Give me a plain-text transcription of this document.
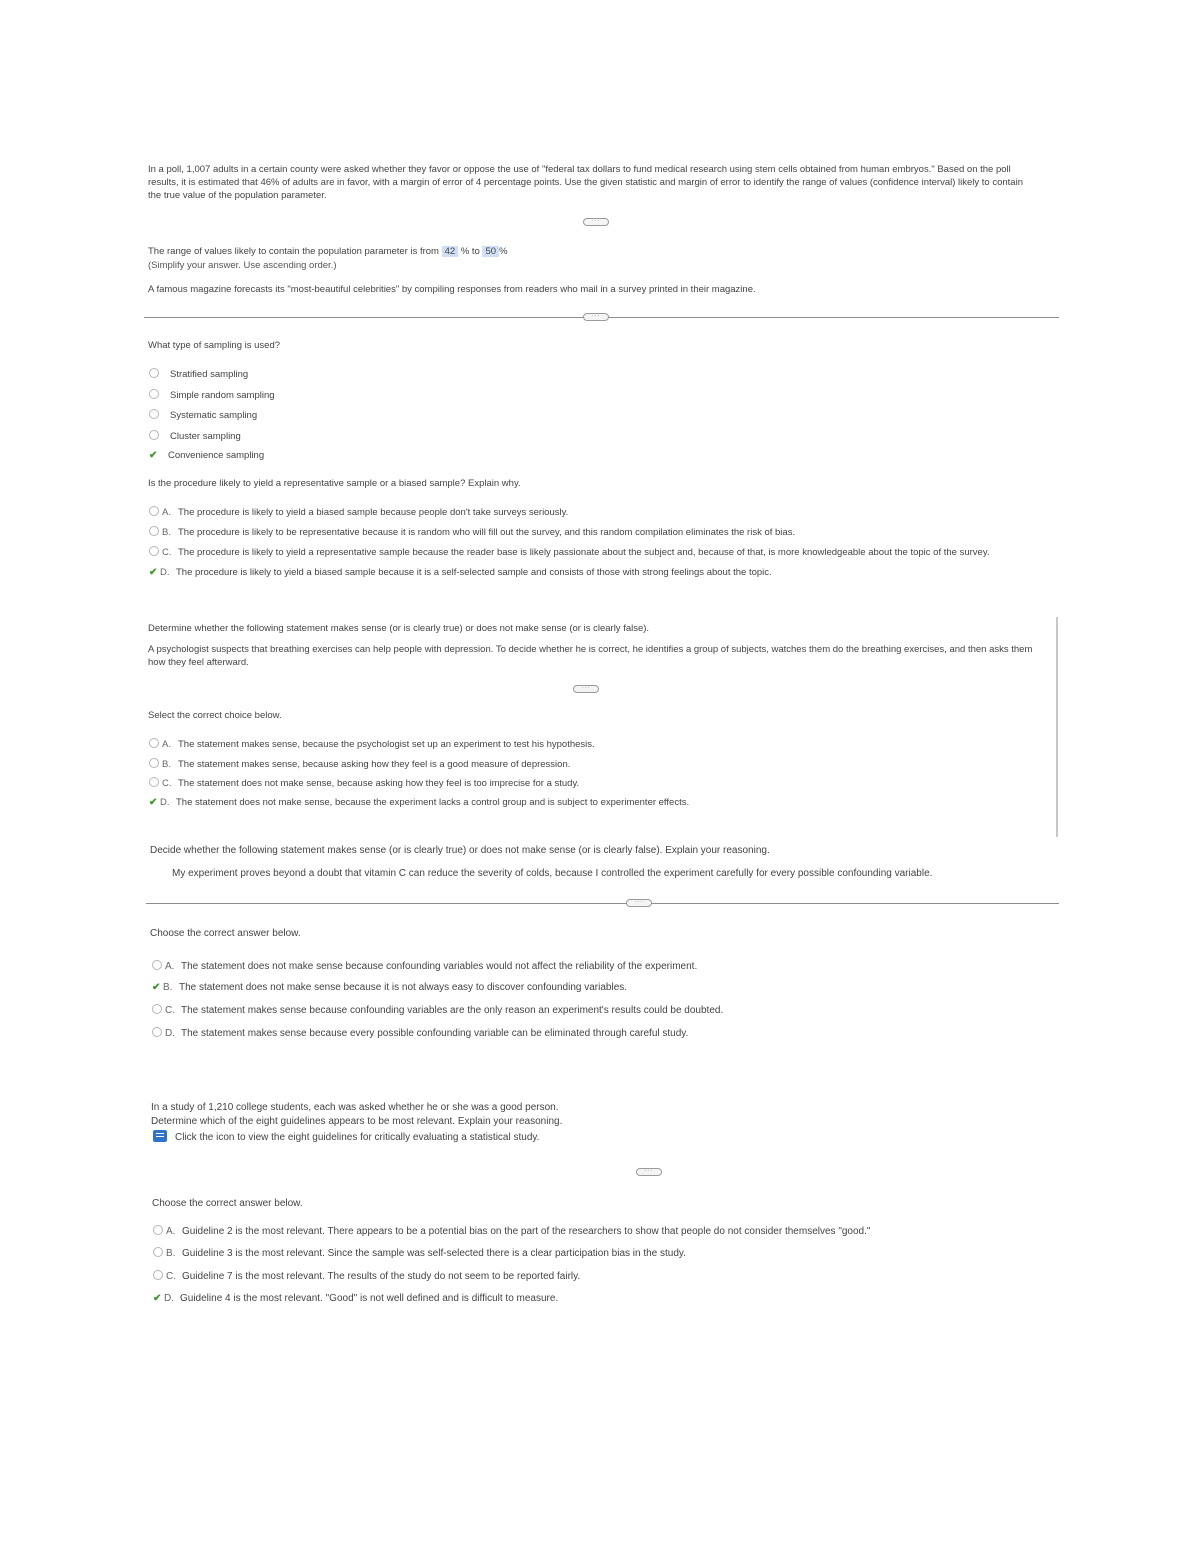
In a poll, 1,007 adults in a certain county were asked whether they favor or oppose the use of "federal tax dollars to fund medical research using stem cells obtained from human embryos." Based on the poll results, it is estimated that 46% of adults are in favor, with a margin of error of 4 percentage points. Use the given statistic and margin of error to identify the range of values (confidence interval) likely to contain the true value of the population parameter.
···
The range of values likely to contain the population parameter is from 42 % to 50 %
(Simplify your answer. Use ascending order.)
A famous magazine forecasts its "most-beautiful celebrities" by compiling responses from readers who mail in a survey printed in their magazine.
···
What type of sampling is used?
Stratified sampling
Simple random sampling
Systematic sampling
Cluster sampling
✔ Convenience sampling
Is the procedure likely to yield a representative sample or a biased sample? Explain why.
A. The procedure is likely to yield a biased sample because people don't take surveys seriously.
B. The procedure is likely to be representative because it is random who will fill out the survey, and this random compilation eliminates the risk of bias.
C. The procedure is likely to yield a representative sample because the reader base is likely passionate about the subject and, because of that, is more knowledgeable about the topic of the survey.
✔ D. The procedure is likely to yield a biased sample because it is a self-selected sample and consists of those with strong feelings about the topic.
Determine whether the following statement makes sense (or is clearly true) or does not make sense (or is clearly false).
A psychologist suspects that breathing exercises can help people with depression. To decide whether he is correct, he identifies a group of subjects, watches them do the breathing exercises, and then asks them how they feel afterward.
···
Select the correct choice below.
A. The statement makes sense, because the psychologist set up an experiment to test his hypothesis.
B. The statement makes sense, because asking how they feel is a good measure of depression.
C. The statement does not make sense, because asking how they feel is too imprecise for a study.
✔ D. The statement does not make sense, because the experiment lacks a control group and is subject to experimenter effects.
Decide whether the following statement makes sense (or is clearly true) or does not make sense (or is clearly false). Explain your reasoning.
My experiment proves beyond a doubt that vitamin C can reduce the severity of colds, because I controlled the experiment carefully for every possible confounding variable.
···
Choose the correct answer below.
A. The statement does not make sense because confounding variables would not affect the reliability of the experiment.
✔ B. The statement does not make sense because it is not always easy to discover confounding variables.
C. The statement makes sense because confounding variables are the only reason an experiment's results could be doubted.
D. The statement makes sense because every possible confounding variable can be eliminated through careful study.
In a study of 1,210 college students, each was asked whether he or she was a good person.
Determine which of the eight guidelines appears to be most relevant. Explain your reasoning.
Click the icon to view the eight guidelines for critically evaluating a statistical study.
···
Choose the correct answer below.
A. Guideline 2 is the most relevant. There appears to be a potential bias on the part of the researchers to show that people do not consider themselves "good."
B. Guideline 3 is the most relevant. Since the sample was self-selected there is a clear participation bias in the study.
C. Guideline 7 is the most relevant. The results of the study do not seem to be reported fairly.
✔ D. Guideline 4 is the most relevant. "Good" is not well defined and is difficult to measure.
